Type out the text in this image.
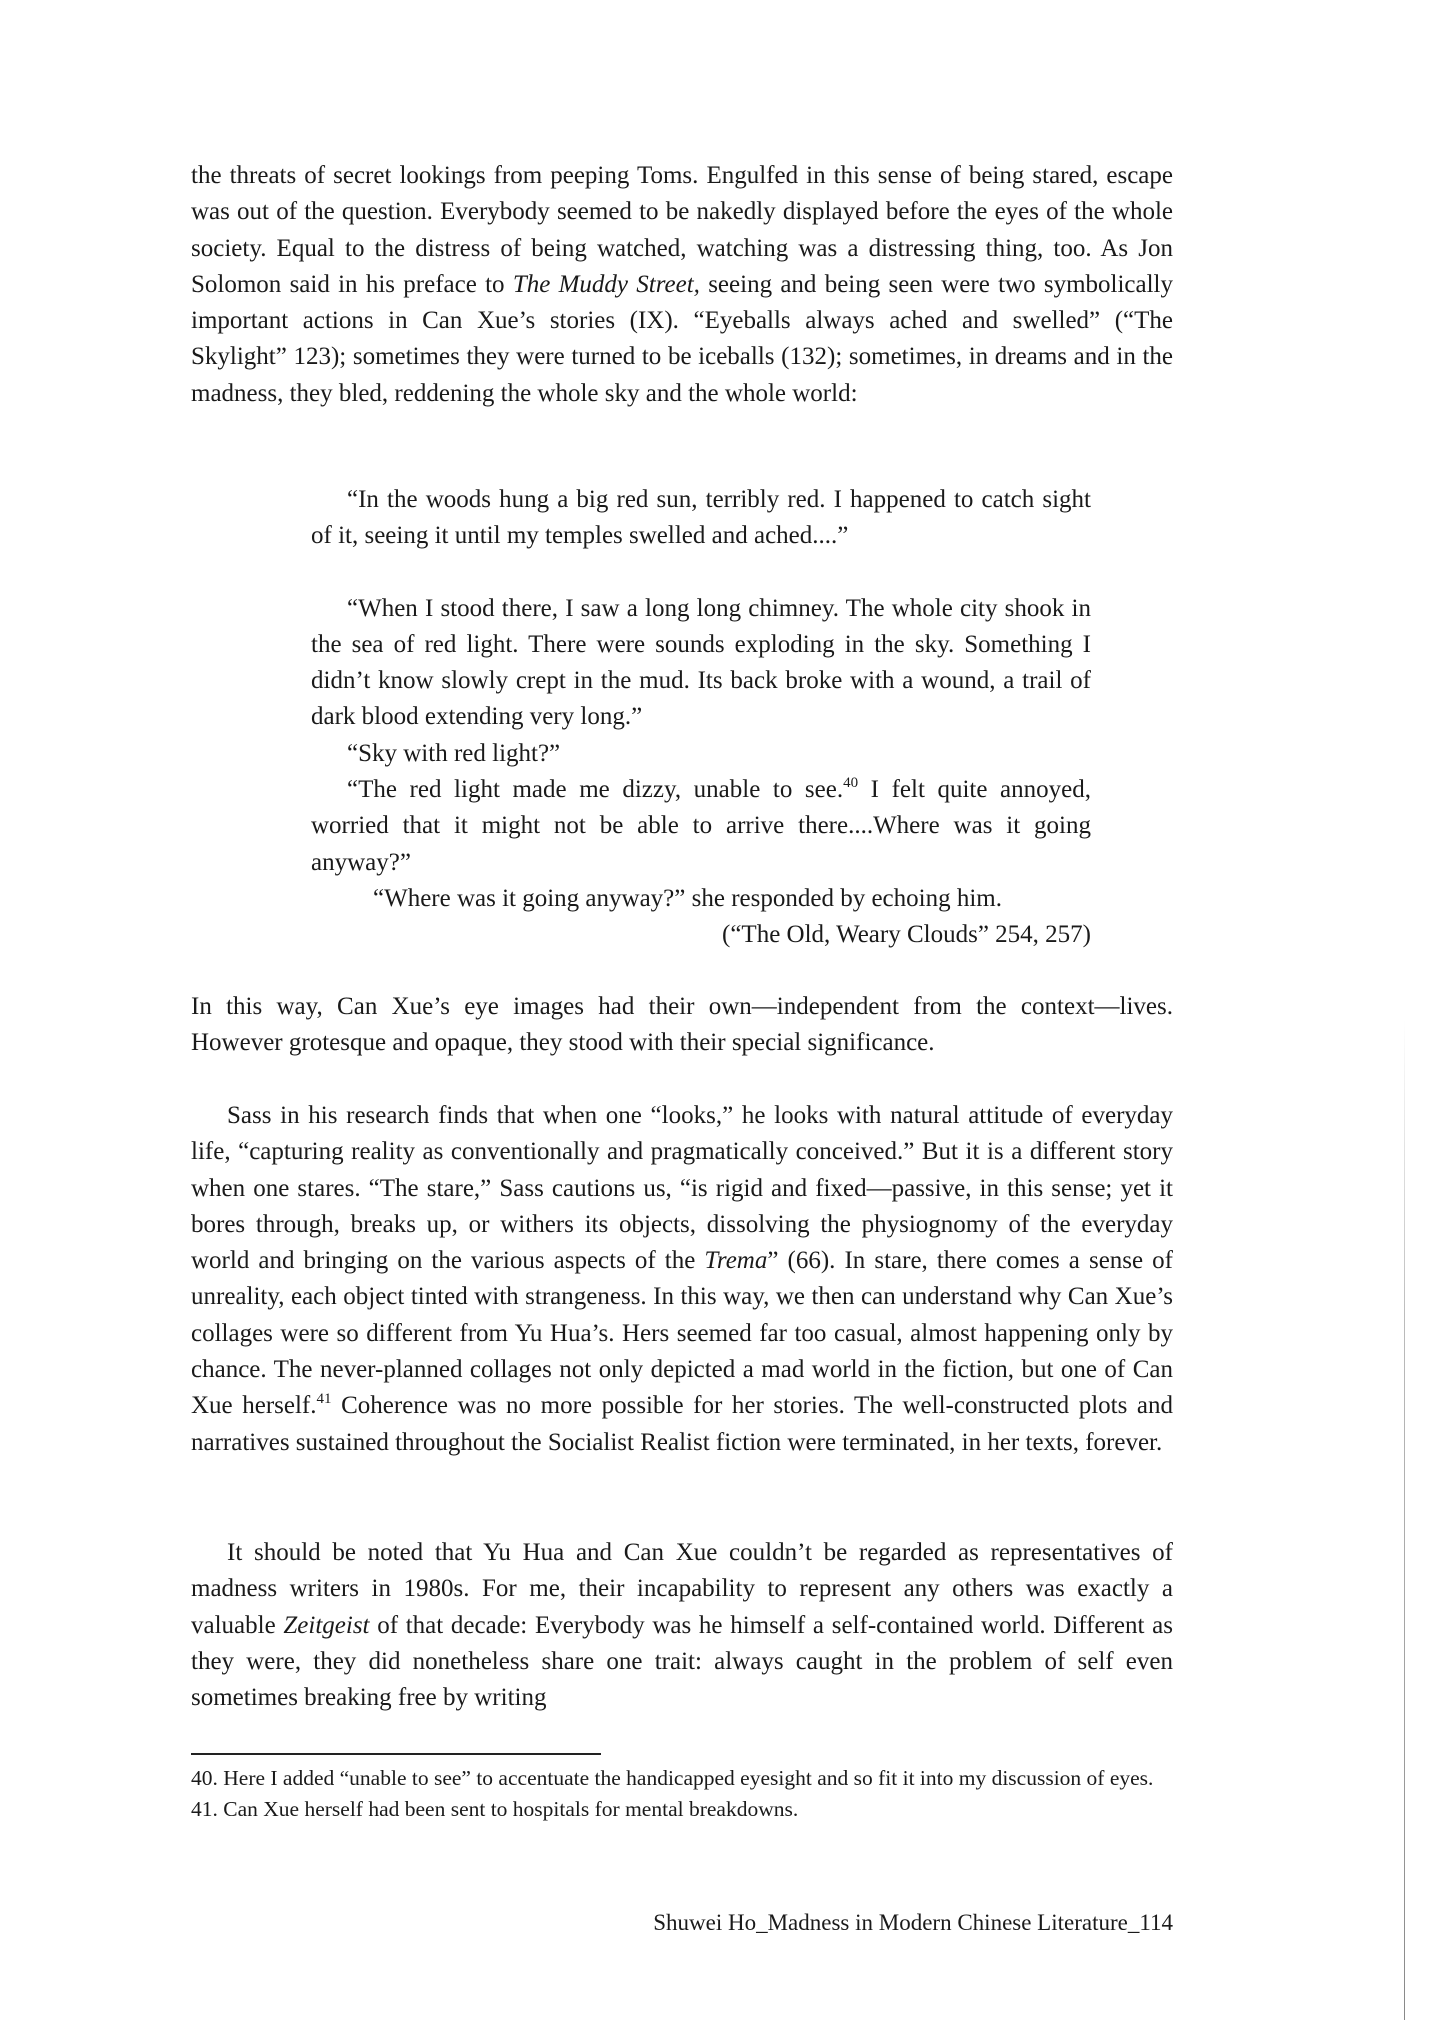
the threats of secret lookings from peeping Toms. Engulfed in this sense of being stared, escape was out of the question. Everybody seemed to be nakedly displayed before the eyes of the whole society. Equal to the distress of being watched, watching was a distressing thing, too. As Jon Solomon said in his preface to The Muddy Street, seeing and being seen were two symbolically important actions in Can Xue’s stories (IX). “Eyeballs always ached and swelled” (“The Skylight” 123); sometimes they were turned to be iceballs (132); sometimes, in dreams and in the madness, they bled, reddening the whole sky and the whole world:

“In the woods hung a big red sun, terribly red. I happened to catch sight of it, seeing it until my temples swelled and ached....”

“When I stood there, I saw a long long chimney. The whole city shook in the sea of red light. There were sounds exploding in the sky. Something I didn’t know slowly crept in the mud. Its back broke with a wound, a trail of dark blood extending very long.”

“Sky with red light?”

“The red light made me dizzy, unable to see.$^{40}$ I felt quite annoyed, worried that it might not be able to arrive there....Where was it going anyway?”

“Where was it going anyway?” she responded by echoing him.

(“The Old, Weary Clouds” 254, 257)

In this way, Can Xue’s eye images had their own—independent from the context—lives. However grotesque and opaque, they stood with their special significance.

Sass in his research finds that when one “looks,” he looks with natural attitude of everyday life, “capturing reality as conventionally and pragmatically conceived.” But it is a different story when one stares. “The stare,” Sass cautions us, “is rigid and fixed—passive, in this sense; yet it bores through, breaks up, or withers its objects, dissolving the physiognomy of the everyday world and bringing on the various aspects of the Trema” (66). In stare, there comes a sense of unreality, each object tinted with strangeness. In this way, we then can understand why Can Xue’s collages were so different from Yu Hua’s. Hers seemed far too casual, almost happening only by chance. The never-planned collages not only depicted a mad world in the fiction, but one of Can Xue herself.$^{41}$ Coherence was no more possible for her stories. The well-constructed plots and narratives sustained throughout the Socialist Realist fiction were terminated, in her texts, forever.

It should be noted that Yu Hua and Can Xue couldn’t be regarded as representatives of madness writers in 1980s. For me, their incapability to represent any others was exactly a valuable Zeitgeist of that decade: Everybody was he himself a self-contained world. Different as they were, they did nonetheless share one trait: always caught in the problem of self even sometimes breaking free by writing

40. Here I added “unable to see” to accentuate the handicapped eyesight and so fit it into my discussion of eyes.

41. Can Xue herself had been sent to hospitals for mental breakdowns.

Shuwei Ho_Madness in Modern Chinese Literature_114
